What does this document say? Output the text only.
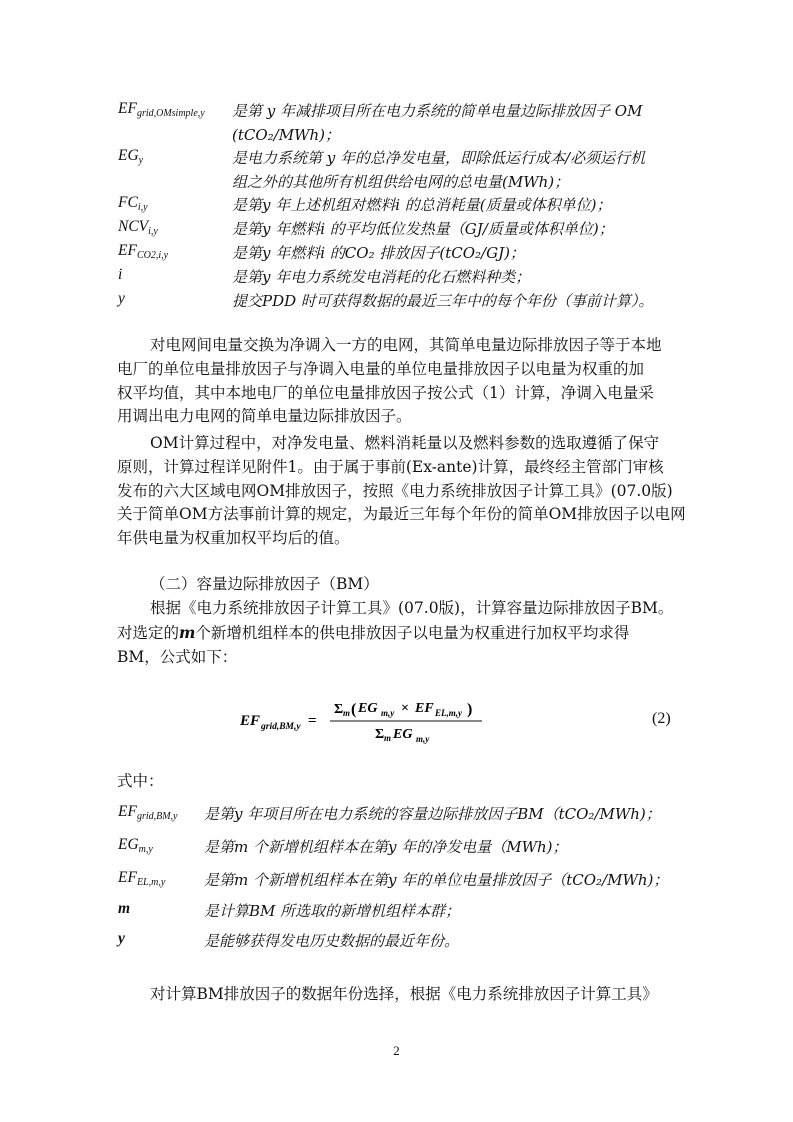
$EF_{grid,OMsimple,y}$ 是第 y 年减排项目所在电力系统的简单电量边际排放因子 OM
(tCO₂/MWh)；
$EG_y$	是电力系统第 y 年的总净发电量，即除低运行成本/必须运行机
组之外的其他所有机组供给电网的总电量(MWh)；
$FC_{i,y}$	是第y 年上述机组对燃料i 的总消耗量(质量或体积单位)；
$NCV_{i,y}$	是第y 年燃料i 的平均低位发热量（GJ/质量或体积单位)；
$EF_{CO2,i,y}$	是第y 年燃料i 的CO₂ 排放因子(tCO₂/GJ)；
i	是第y 年电力系统发电消耗的化石燃料种类；
y	提交PDD 时可获得数据的最近三年中的每个年份（事前计算）。
对电网间电量交换为净调入一方的电网，其简单电量边际排放因子等于本地
电厂的单位电量排放因子与净调入电量的单位电量排放因子以电量为权重的加
权平均值，其中本地电厂的单位电量排放因子按公式（1）计算，净调入电量采
用调出电力电网的简单电量边际排放因子。
OM计算过程中，对净发电量、燃料消耗量以及燃料参数的选取遵循了保守
原则，计算过程详见附件1。由于属于事前(Ex-ante)计算，最终经主管部门审核
发布的六大区域电网OM排放因子，按照《电力系统排放因子计算工具》(07.0版)
关于简单OM方法事前计算的规定，为最近三年每个年份的简单OM排放因子以电网
年供电量为权重加权平均后的值。
（二）容量边际排放因子（BM）
根据《电力系统排放因子计算工具》(07.0版)，计算容量边际排放因子BM。
对选定的m个新增机组样本的供电排放因子以电量为权重进行加权平均求得
BM，公式如下：
EF grid,BM,y =
Σ m ( EG m,y × EF EL,m,y )
Σ m EG m,y
(2)
式中：
$EF_{grid,BM,y}$ 是第y 年项目所在电力系统的容量边际排放因子BM（tCO₂/MWh)；
$EG_{m,y}$	是第m 个新增机组样本在第y 年的净发电量（MWh)；
$EF_{EL,m,y}$	是第m 个新增机组样本在第y 年的单位电量排放因子（tCO₂/MWh)；
m	是计算BM 所选取的新增机组样本群；
y	是能够获得发电历史数据的最近年份。
对计算BM排放因子的数据年份选择，根据《电力系统排放因子计算工具》
2
